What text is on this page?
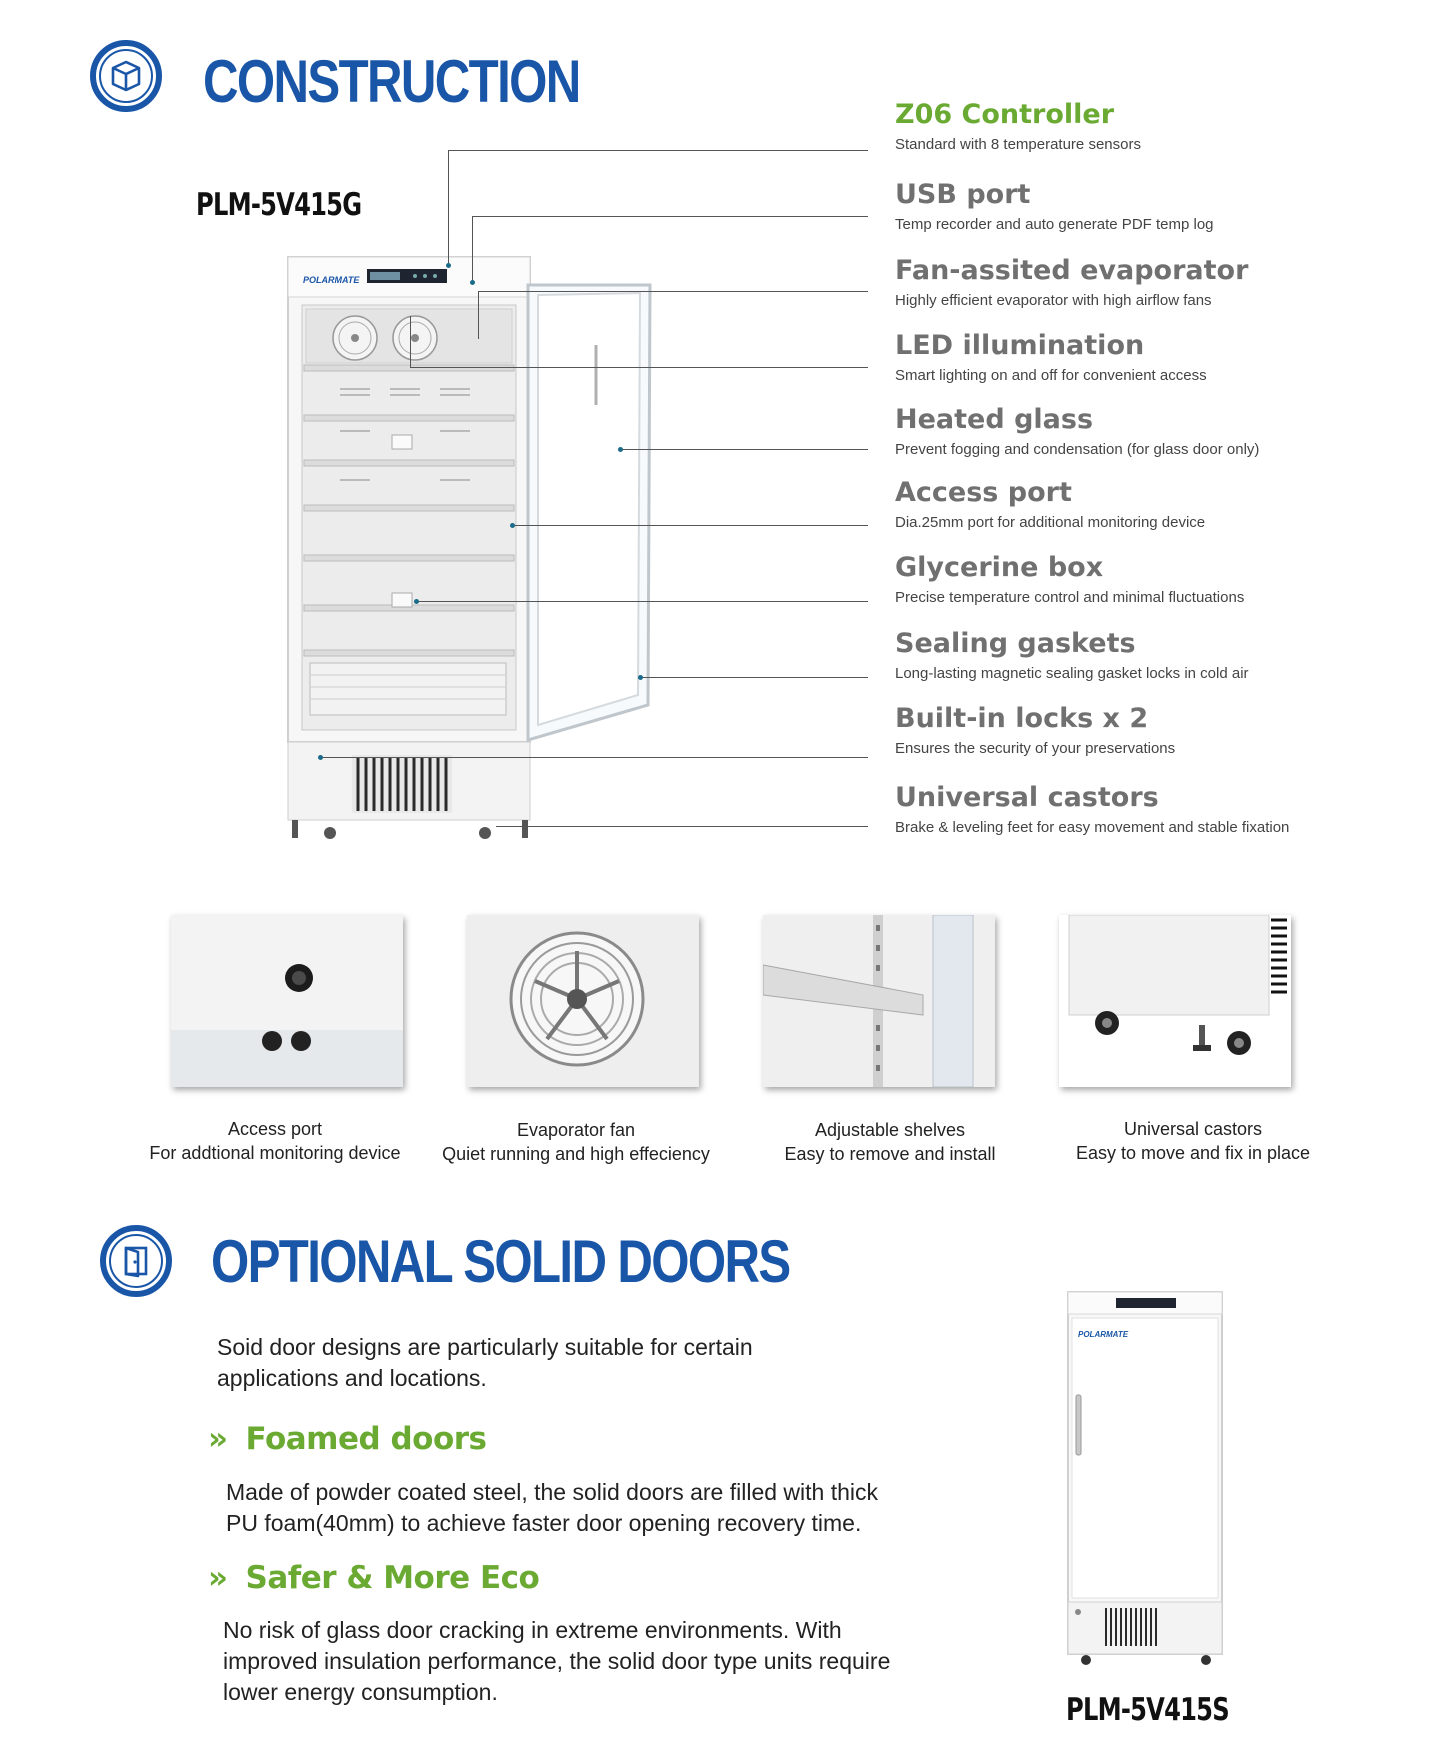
CONSTRUCTION
PLM-5V415G
POLARMATE
Z06 Controller
Standard with 8 temperature sensors
USB port
Temp recorder and auto generate PDF temp log
Fan-assited evaporator
Highly efficient evaporator with high airflow fans
LED illumination
Smart lighting on and off for convenient access
Heated glass
Prevent fogging and condensation (for glass door only)
Access port
Dia.25mm port for additional monitoring device
Glycerine box
Precise temperature control and minimal fluctuations
Sealing gaskets
Long-lasting magnetic sealing gasket locks in cold air
Built-in locks x 2
Ensures the security of your preservations
Universal castors
Brake & leveling feet for easy movement and stable fixation
Access port
For addtional monitoring device
Evaporator fan
Quiet running and high effeciency
Adjustable shelves
Easy to remove and install
Universal castors
Easy to move and fix in place
OPTIONAL SOLID DOORS
Soid door designs are particularly suitable for certain applications and locations.
» Foamed doors
Made of powder coated steel, the solid doors are filled with thick PU foam(40mm) to achieve faster door opening recovery time.
» Safer & More Eco
No risk of glass door cracking in extreme environments. With improved insulation performance, the solid door type units require lower energy consumption.
POLARMATE
PLM-5V415S
